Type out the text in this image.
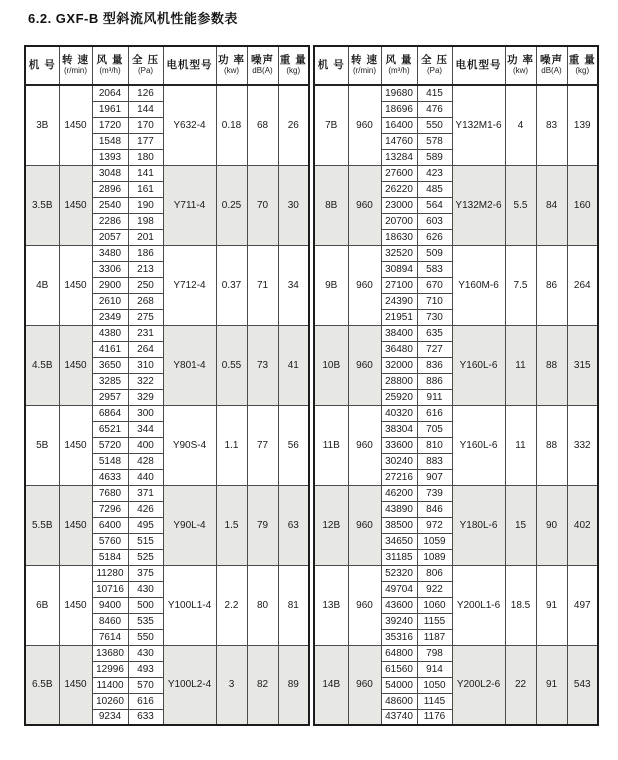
6.2. GXF-B 型斜流风机性能参数表
机 号	转 速
(r/min)

风 量
(m³/h)

全 压
(Pa)	电机型号	功 率
(kw)

噪声
dB(A)

重 量
(kg)

3B	1450	2064	126	Y632-4	0.18	68	26
		1961	144				
		1720	170				
		1548	177				
		1393	180				
3.5B	1450	3048	141	Y711-4	0.25	70	30
		2896	161				
		2540	190				
		2286	198				
		2057	201				
4B	1450	3480	186	Y712-4	0.37	71	34
		3306	213				
		2900	250				
		2610	268				
		2349	275				
4.5B	1450	4380	231	Y801-4	0.55	73	41
		4161	264				
		3650	310				
		3285	322				
		2957	329				
5B	1450	6864	300	Y90S-4	1.1	77	56
		6521	344				
		5720	400				
		5148	428				
		4633	440				
5.5B	1450	7680	371	Y90L-4	1.5	79	63
		7296	426				
		6400	495				
		5760	515				
		5184	525				
6B	1450	11280	375	Y100L1-4	2.2	80	81
		10716	430				
		9400	500				
		8460	535				
		7614	550				
6.5B	1450	13680	430	Y100L2-4	3	82	89
		12996	493				
		11400	570				
		10260	616				
		9234	633				
机 号	转 速
(r/min)

风 量
(m³/h)

全 压
(Pa)	电机型号	功 率
(kw)

噪声
dB(A)

重 量
(kg)

7B	960	19680	415	Y132M1-6	4	83	139
		18696	476				
		16400	550				
		14760	578				
		13284	589				
8B	960	27600	423	Y132M2-6	5.5	84	160
		26220	485				
		23000	564				
		20700	603				
		18630	626				
9B	960	32520	509	Y160M-6	7.5	86	264
		30894	583				
		27100	670				
		24390	710				
		21951	730				
10B	960	38400	635	Y160L-6	11	88	315
		36480	727				
		32000	836				
		28800	886				
		25920	911				
11B	960	40320	616	Y160L-6	11	88	332
		38304	705				
		33600	810				
		30240	883				
		27216	907				
12B	960	46200	739	Y180L-6	15	90	402
		43890	846				
		38500	972				
		34650	1059				
		31185	1089				
13B	960	52320	806	Y200L1-6	18.5	91	497
		49704	922				
		43600	1060				
		39240	1155				
		35316	1187				
14B	960	64800	798	Y200L2-6	22	91	543
		61560	914				
		54000	1050				
		48600	1145				
		43740	1176				
